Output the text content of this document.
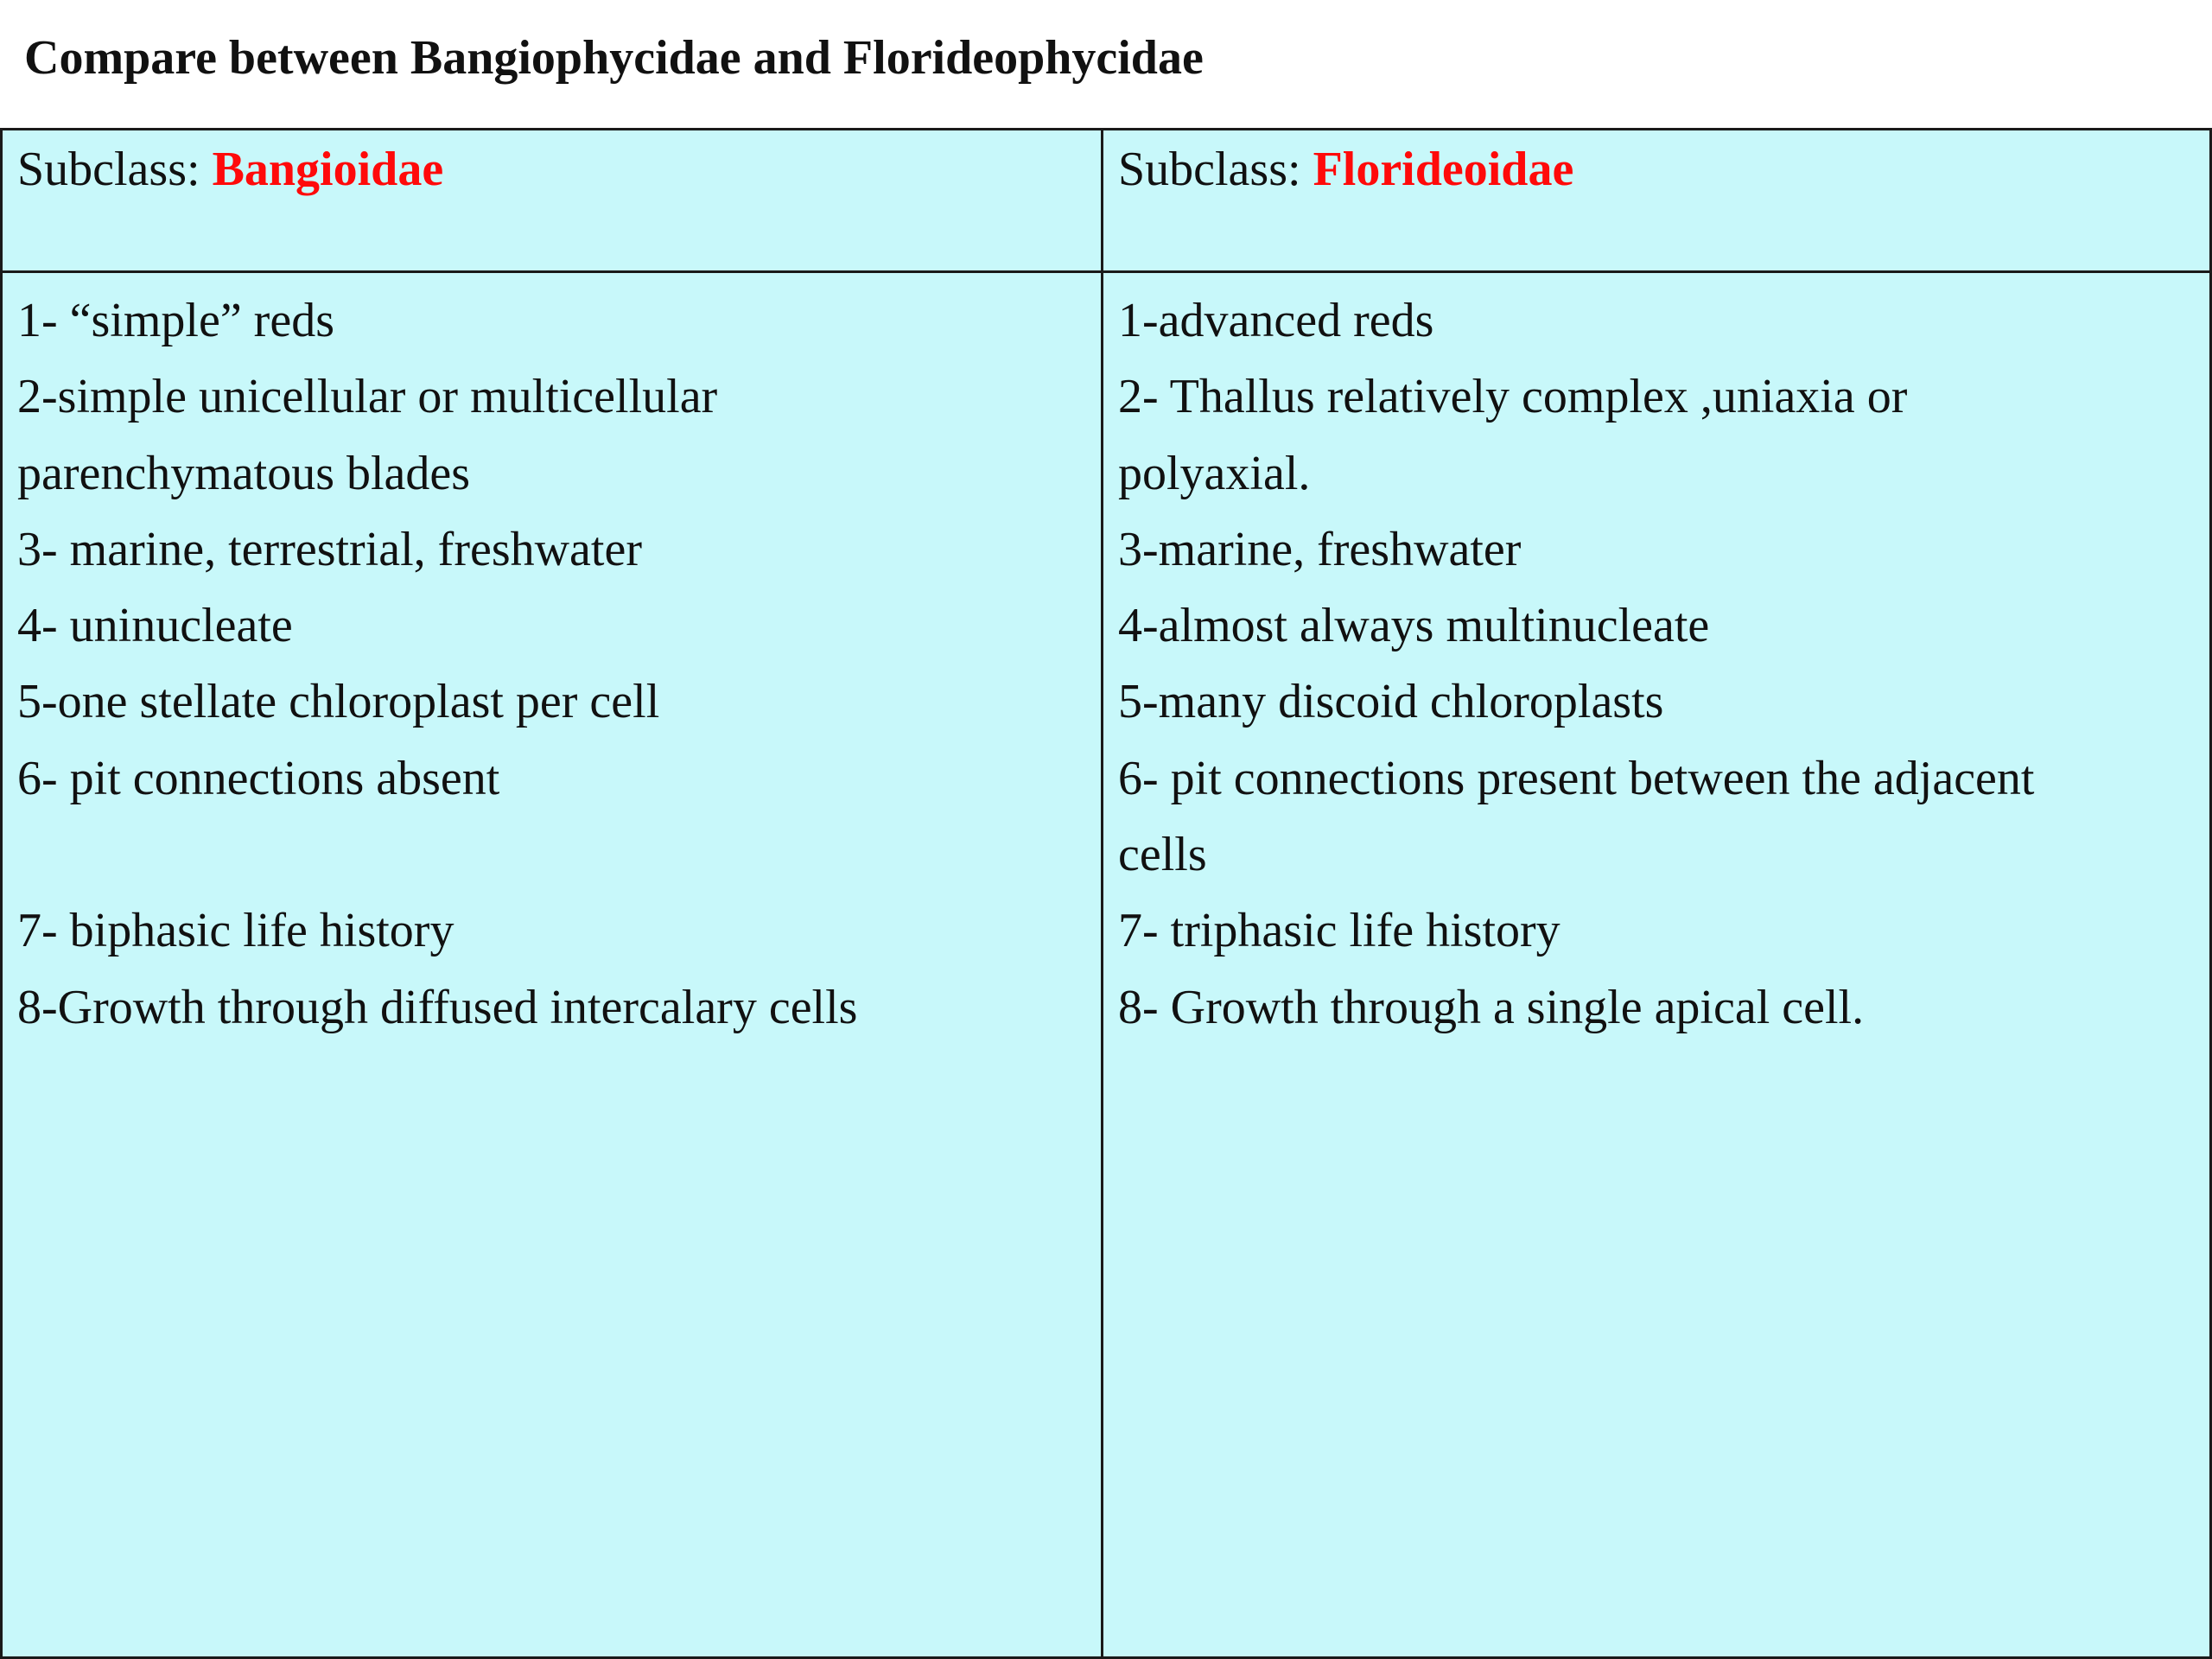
Compare between Bangiophycidae and Florideophycidae
Subclass: Bangioidae	Subclass: Florideoidae
1- “simple” reds
2-simple unicellular or multicellular
parenchymatous blades
3- marine, terrestrial, freshwater
4- uninucleate
5-one stellate chloroplast per cell
6- pit connections absent
7- biphasic life history
8-Growth through diffused intercalary cells
1-advanced reds
2- Thallus relatively complex ,uniaxia or
polyaxial.
3-marine, freshwater
4-almost always multinucleate
5-many discoid chloroplasts
6- pit connections present between the adjacent
cells
7- triphasic life history
8- Growth through a single apical cell.
